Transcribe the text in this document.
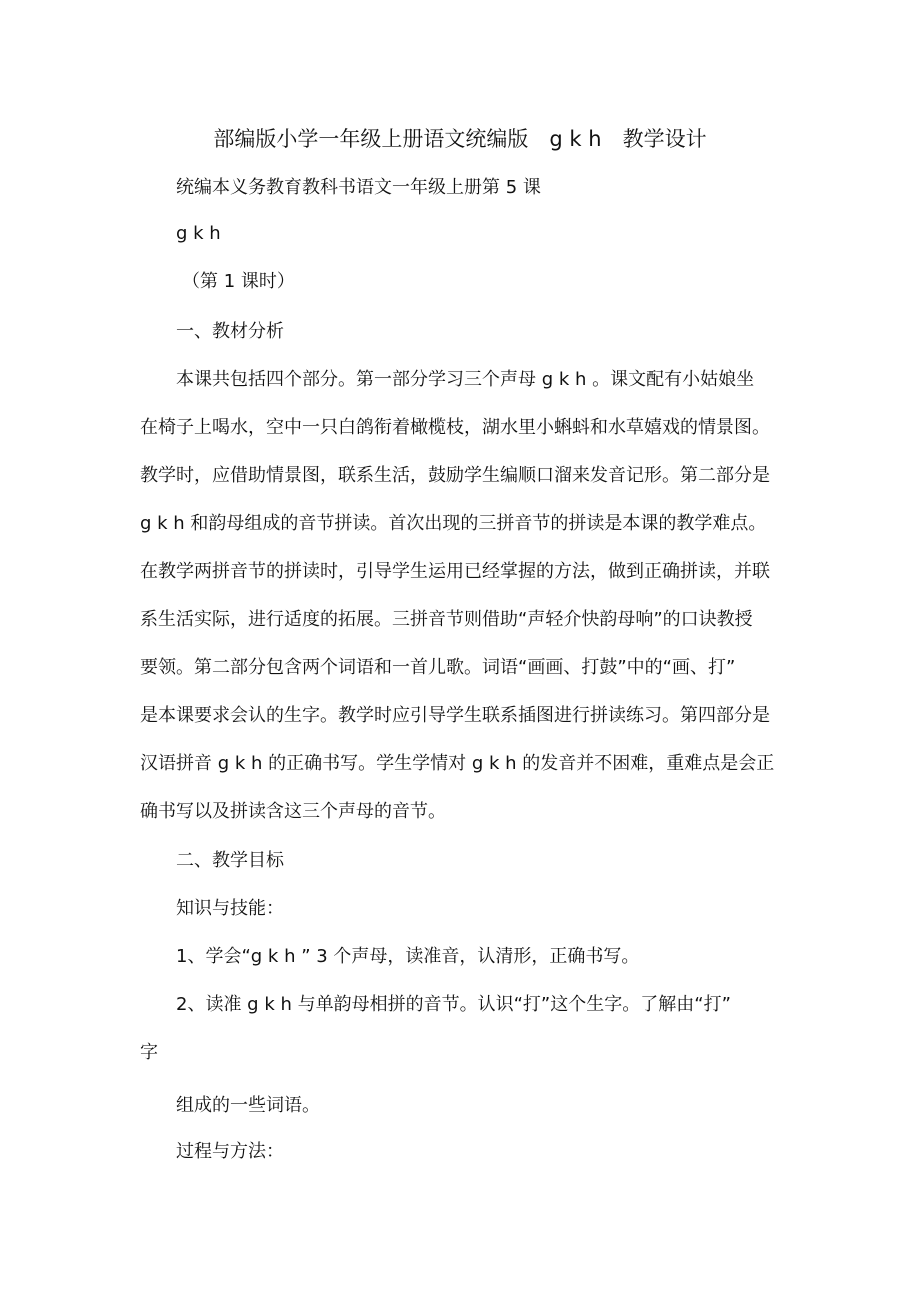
部编版小学一年级上册语文统编版　g k h　教学设计
统编本义务教育教科书语文一年级上册第 5 课
g k h
（第 1 课时）
一、教材分析
本课共包括四个部分。第一部分学习三个声母 g k h 。课文配有小姑娘坐
在椅子上喝水，空中一只白鸽衔着橄榄枝，湖水里小蝌蚪和水草嬉戏的情景图。
教学时，应借助情景图，联系生活，鼓励学生编顺口溜来发音记形。第二部分是
g k h 和韵母组成的音节拼读。首次出现的三拼音节的拼读是本课的教学难点。
在教学两拼音节的拼读时，引导学生运用已经掌握的方法，做到正确拼读，并联
系生活实际，进行适度的拓展。三拼音节则借助“声轻介快韵母响”的口诀教授
要领。第二部分包含两个词语和一首儿歌。词语“画画、打鼓”中的“画、打”
是本课要求会认的生字。教学时应引导学生联系插图进行拼读练习。第四部分是
汉语拼音 g k h 的正确书写。学生学情对 g k h 的发音并不困难，重难点是会正
确书写以及拼读含这三个声母的音节。
二、教学目标
知识与技能：
1、学会“g k h ” 3 个声母，读准音，认清形，正确书写。
2、读准 g k h 与单韵母相拼的音节。认识“打”这个生字。了解由“打”
字
组成的一些词语。
过程与方法：
